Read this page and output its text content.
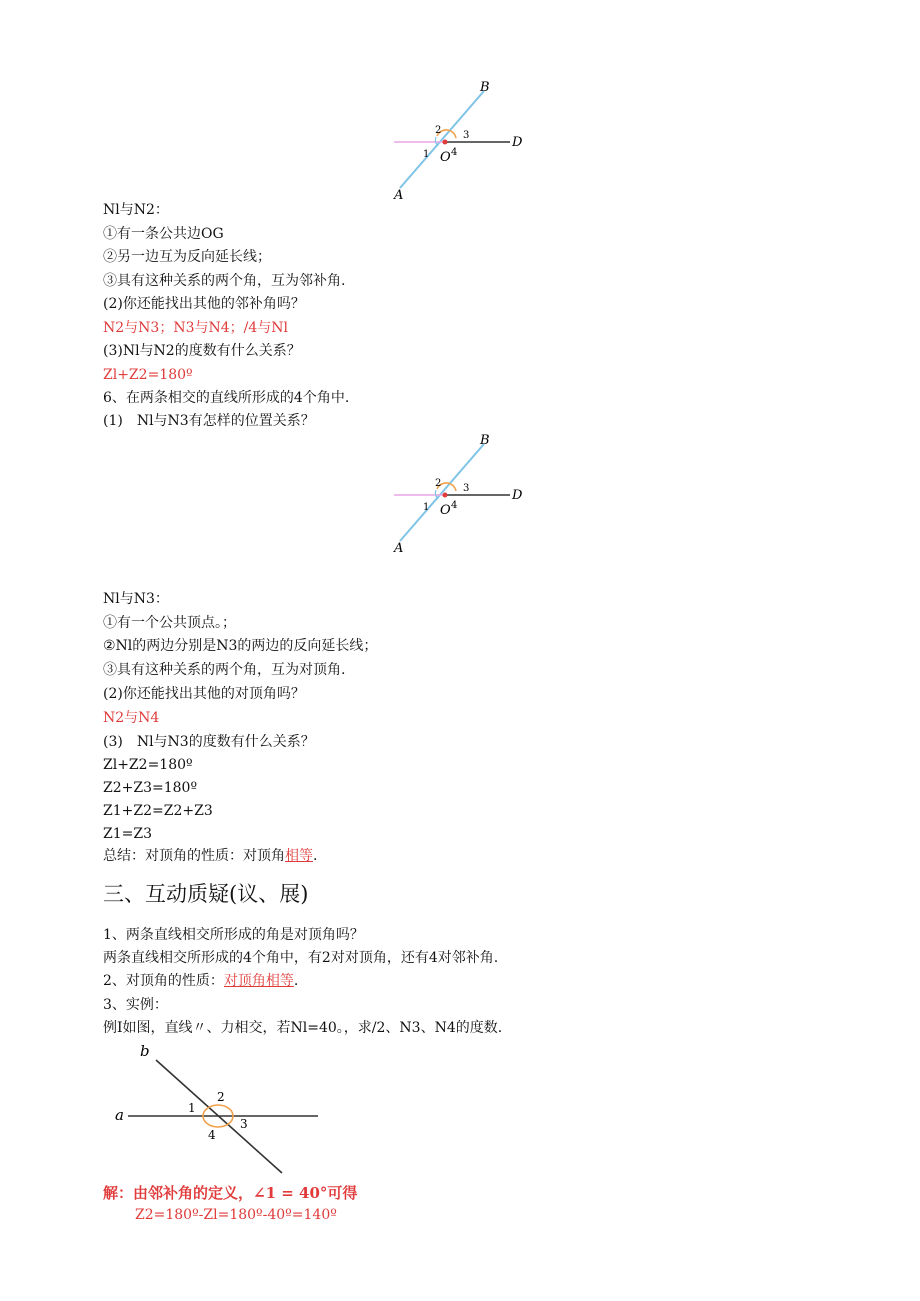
B
D
A
O
1
2 3
4
Nl与N2：
①有一条公共边OG
②另一边互为反向延长线；
③具有这种关系的两个角，互为邻补角.
(2)你还能找出其他的邻补角吗？
N2与N3；N3与N4；/4与Nl
(3)Nl与N2的度数有什么关系？
Zl+Z2=180º
6、在两条相交的直线所形成的4个角中.
(1)　Nl与N3有怎样的位置关系？
B
D
A
O
1
2 3
4
Nl与N3：
①有一个公共顶点。；
②Nl的两边分别是N3的两边的反向延长线；
③具有这种关系的两个角，互为对顶角.
(2)你还能找出其他的对顶角吗？
N2与N4
(3)　Nl与N3的度数有什么关系？
Zl+Z2=180º
Z2+Z3=180º
Z1+Z2=Z2+Z3
Z1=Z3
总结：对顶角的性质：对顶角相等.
三、互动质疑(议、展)
1、两条直线相交所形成的角是对顶角吗？
两条直线相交所形成的4个角中，有2对对顶角，还有4对邻补角.
2、对顶角的性质：对顶角相等.
3、实例：
例I如图，直线〃、力相交，若Nl=40。，求/2、N3、N4的度数.
b
a	1
2
3
4
解：由邻补角的定义，∠1 = 40°可得
Z2=180º-Zl=180º-40º=140º
